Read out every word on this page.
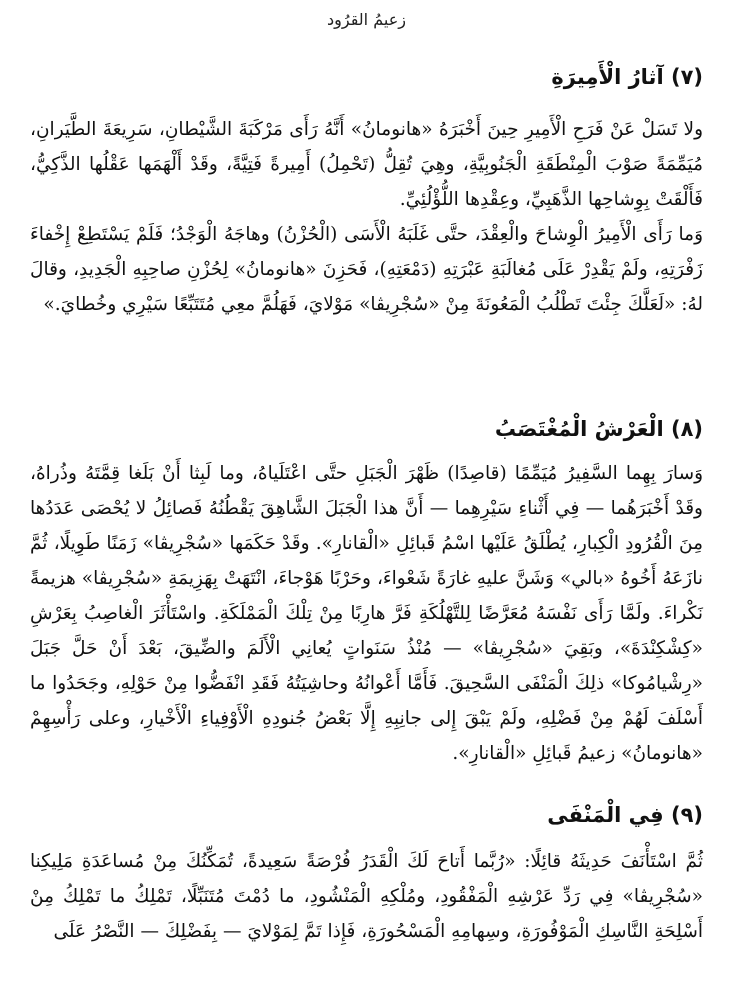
زعيمُ القرُود
(٧) آثارُ الْأَمِيرَةِ

ولا تَسَلْ عَنْ فَرَحِ الْأَمِيرِ حِينَ أَخْبَرَهُ «هانومانُ» أَنَّهُ رَأَى مَرْكَبَةَ الشَّيْطانِ، سَرِيعَةَ الطَّيَرانِ، مُيَمِّمَةً صَوْبَ الْمِنْطَقَةِ الْجَنُوبِيَّةِ، وهِيَ تُقِلُّ (تَحْمِلُ) أَمِيرةً فَتِيَّةً، وقَدْ أَلْهَمَها عَقْلُها الذَّكِيُّ، فَأَلْقَتْ بِوِشاحِها الذَّهَبِيِّ، وعِقْدِها اللُّؤْلُئِيِّ.

وَما رَأَى الْأَمِيرُ الْوِشاحَ والْعِقْدَ، حتَّى غَلَبَهُ الْأَسَى (الْحُزْنُ) وهاجَهُ الْوَجْدُ؛ فَلَمْ يَسْتَطِعْ إِخْفاءَ زَفْرَتِهِ، ولَمْ يَقْدِرْ عَلَى مُغالَبَةِ عَبْرَتِهِ (دَمْعَتِهِ)، فَحَزِنَ «هانومانُ» لِحُزْنِ صاحِبِهِ الْجَدِيدِ، وقالَ لهُ: «لَعَلَّكَ جِئْتَ تَطْلُبُ الْمَعُونَةَ مِنْ «سُجْرِيڤا» مَوْلايَ، فَهَلُمَّ معِي مُتَتَبِّعًا سَيْرِي وخُطايَ.»

(٨) الْعَرْشُ الْمُغْتَصَبُ

وَسارَ بِهِما السَّفِيرُ مُيَمِّمًا (قاصِدًا) ظَهْرَ الْجَبَلِ حتَّى اعْتَلَياهُ، وما لَبِثا أَنْ بَلَغا قِمَّتَهُ وذُراهُ، وقَدْ أَخْبَرَهُما — فِي أَثْناءِ سَيْرِهِما — أَنَّ هذا الْجَبَلَ الشَّاهِقَ يَقْطُنُهُ فَصائِلُ لا يُحْصَى عَدَدُها مِنَ الْقُرُودِ الْكِبارِ، يُطْلَقُ عَلَيْها اسْمُ قَبائِلِ «الْقانارِ». وقَدْ حَكَمَها «سُجْرِيڤا» زَمَنًا طَوِيلًا، ثُمَّ نازَعَهُ أَخُوهُ «بالي» وَشَنَّ عليهِ غارَةً شَعْواءَ، وحَرْبًا هَوْجاءَ، انْتَهَتْ بِهَزِيمَةِ «سُجْرِيڤا» هزيمةً نَكْراءَ. ولَمَّا رَأَى نَفْسَهُ مُعَرَّضًا لِلتَّهْلُكَةِ فَرَّ هارِبًا مِنْ تِلْكَ الْمَمْلَكَةِ. واسْتَأْثَرَ الْغاصِبُ بِعَرْشِ «كِشْكِنْدَةَ»، وبَقِيَ «سُجْرِيڤا» — مُنْذُ سَنَواتٍ يُعانِي الْأَلَمَ والضِّيقَ، بَعْدَ أَنْ حَلَّ جَبَلَ «رِشْيامُوكا» ذلِكَ الْمَنْفَى السَّحِيقَ. فَأَمَّا أَعْوانُهُ وحاشِيَتُهُ فَقَدِ انْفَضُّوا مِنْ حَوْلِهِ، وجَحَدُوا ما أَسْلَفَ لَهُمْ مِنْ فَضْلِهِ، ولَمْ يَبْقَ إِلى جانِبِهِ إِلَّا بَعْضُ جُنودِهِ الْأَوْفِياءِ الْأَخْيارِ، وعلى رَأْسِهِمْ «هانومانُ» زعيمُ قَبائِلِ «الْقانارِ».

(٩) فِي الْمَنْفَى

ثُمَّ اسْتَأْنَفَ حَدِيثَهُ قائِلًا: «رُبَّما أَتاحَ لَكَ الْقَدَرُ فُرْصَةً سَعِيدةً، تُمَكِّنُكَ مِنْ مُساعَدَةِ مَلِيكِنا «سُجْرِيڤا» فِي رَدِّ عَرْشِهِ الْمَفْقُودِ، ومُلْكِهِ الْمَنْشُودِ، ما دُمْتَ مُتَنَبِّلًا، تَمْلِكُ ما تَمْلِكُ مِنْ أَسْلِحَةِ النَّاسِكِ الْمَوْفُورَةِ، وسِهامِهِ الْمَسْحُورَةِ، فَإِذا تَمَّ لِمَوْلايَ — بِفَضْلِكَ — النَّصْرُ عَلَى
